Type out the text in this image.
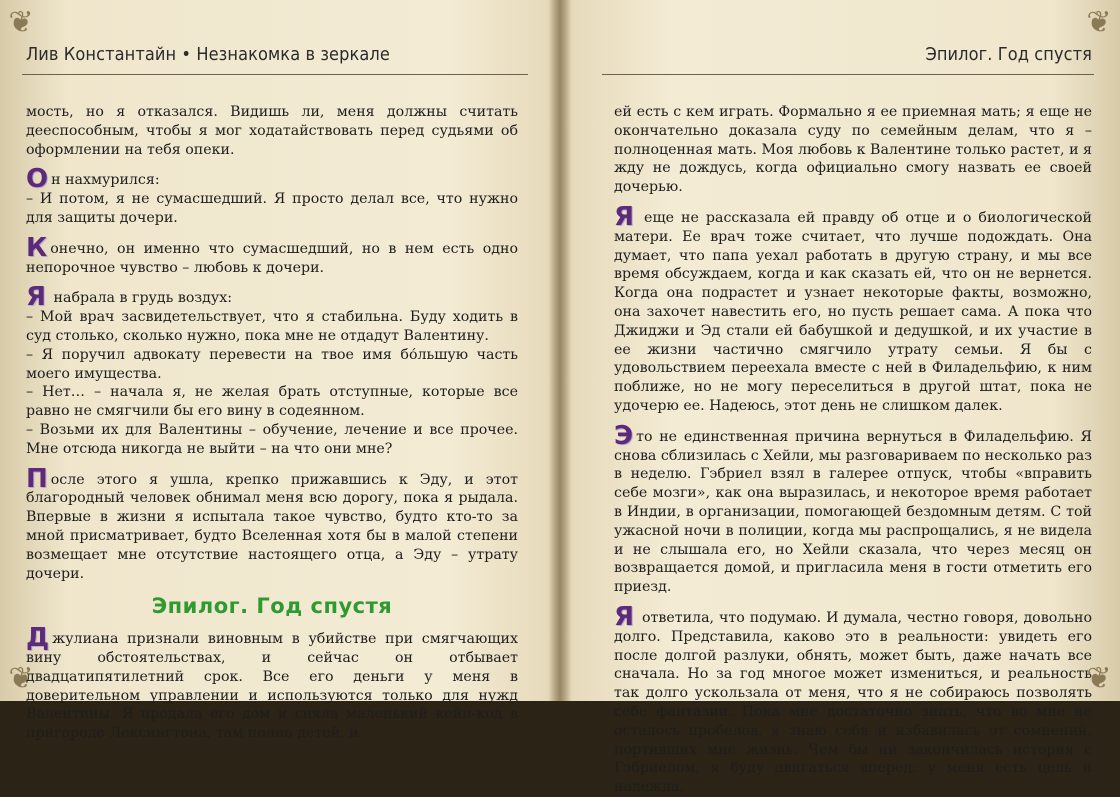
❦	❦
❦	❦
Лив Константайн • Незнакомка в зеркале

мость, но я отказался. Видишь ли, меня должны считать дееспособным, чтобы я мог ходатайствовать перед судьями об оформлении на тебя опеки.

Он нахмурился:

– И потом, я не сумасшедший. Я просто делал все, что нужно для защиты дочери.

Конечно, он именно что сумасшедший, но в нем есть одно непорочное чувство – любовь к дочери.

Я набрала в грудь воздух:

– Мой врач засвидетельствует, что я стабильна. Буду ходить в суд столько, сколько нужно, пока мне не отдадут Валентину.

– Я поручил адвокату перевести на твое имя бо́льшую часть моего имущества.

– Нет… – начала я, не желая брать отступные, которые все равно не смягчили бы его вину в содеянном.

– Возьми их для Валентины – обучение, лечение и все прочее. Мне отсюда никогда не выйти – на что они мне?

После этого я ушла, крепко прижавшись к Эду, и этот благородный человек обнимал меня всю дорогу, пока я рыдала. Впервые в жизни я испытала такое чувство, будто кто-то за мной присматривает, будто Вселенная хотя бы в малой степени возмещает мне отсутствие настоящего отца, а Эду – утрату дочери.

Эпилог. Год спустя

Джулиана признали виновным в убийстве при смягчающих вину обстоятельствах, и сейчас он отбывает двадцатипятилетний срок. Все его деньги у меня в доверительном управлении и используются только для нужд Валентины. Я продала его дом и сняла маленький кейп-код в пригороде Лексингтона, там полно детей, и

Эпилог. Год спустя

ей есть с кем играть. Формально я ее приемная мать; я еще не окончательно доказала суду по семейным делам, что я – полноценная мать. Моя любовь к Валентине только растет, и я жду не дождусь, когда официально смогу назвать ее своей дочерью.

Я еще не рассказала ей правду об отце и о биологической матери. Ее врач тоже считает, что лучше подождать. Она думает, что папа уехал работать в другую страну, и мы все время обсуждаем, когда и как сказать ей, что он не вернется. Когда она подрастет и узнает некоторые факты, возможно, она захочет навестить его, но пусть решает сама. А пока что Джиджи и Эд стали ей бабушкой и дедушкой, и их участие в ее жизни частично смягчило утрату семьи. Я бы с удовольствием переехала вместе с ней в Филадельфию, к ним поближе, но не могу переселиться в другой штат, пока не удочерю ее. Надеюсь, этот день не слишком далек.

Это не единственная причина вернуться в Филадельфию. Я снова сблизилась с Хейли, мы разговариваем по несколько раз в неделю. Гэбриел взял в галерее отпуск, чтобы «вправить себе мозги», как она выразилась, и некоторое время работает в Индии, в организации, помогающей бездомным детям. С той ужасной ночи в полиции, когда мы распрощались, я не видела и не слышала его, но Хейли сказала, что через месяц он возвращается домой, и пригласила меня в гости отметить его приезд.

Я ответила, что подумаю. И думала, честно говоря, довольно долго. Представила, каково это в реальности: увидеть его после долгой разлуки, обнять, может быть, даже начать все сначала. Но за год многое может измениться, и реальность так долго ускользала от меня, что я не собираюсь позволять себе фантазии. Пока мне достаточно знать, что во мне не осталось пробелов, я знаю себя и избавилась от сомнений, портивших мне жизнь. Чем бы ни закончилась история с Гэбриелом, я буду двигаться вперед: у меня есть цель и надежда.
